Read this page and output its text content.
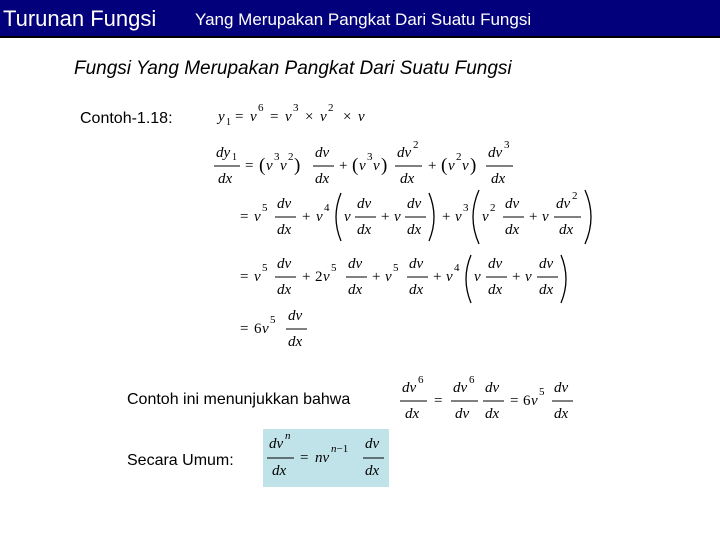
Turunan Fungsi Yang Merupakan Pangkat Dari Suatu Fungsi
Fungsi Yang Merupakan Pangkat Dari Suatu Fungsi
Contoh-1.18:	y 1 = v
6
= v
3
× v
2
× v
dy 1
dx
= ( v
3
v
2 )
dv
dx
+ ( v
3
v )
dv 2
dx
+ ( v
2
v )
dv 3
dx
= v
5 dv
dx
+ v
4
v
dv
dx
+ v
dv
dx
+ v
3
v
2 dv
dx
+ v
dv 2
dx
= v
5 dv
dx
+ 2 v
5 dv
dx
+ v
5 dv
dx
+ v
4
v
dv
dx
+ v
dv
dx
= 6 v
5 dv
dx
dv 6
dx
=
dv 6
dv
dv
dx
= 6 v
5 dv
dx
Contoh ini menunjukkan bahwa
Secara Umum:
dv n
dx
= nv
n−1 dv
dx
